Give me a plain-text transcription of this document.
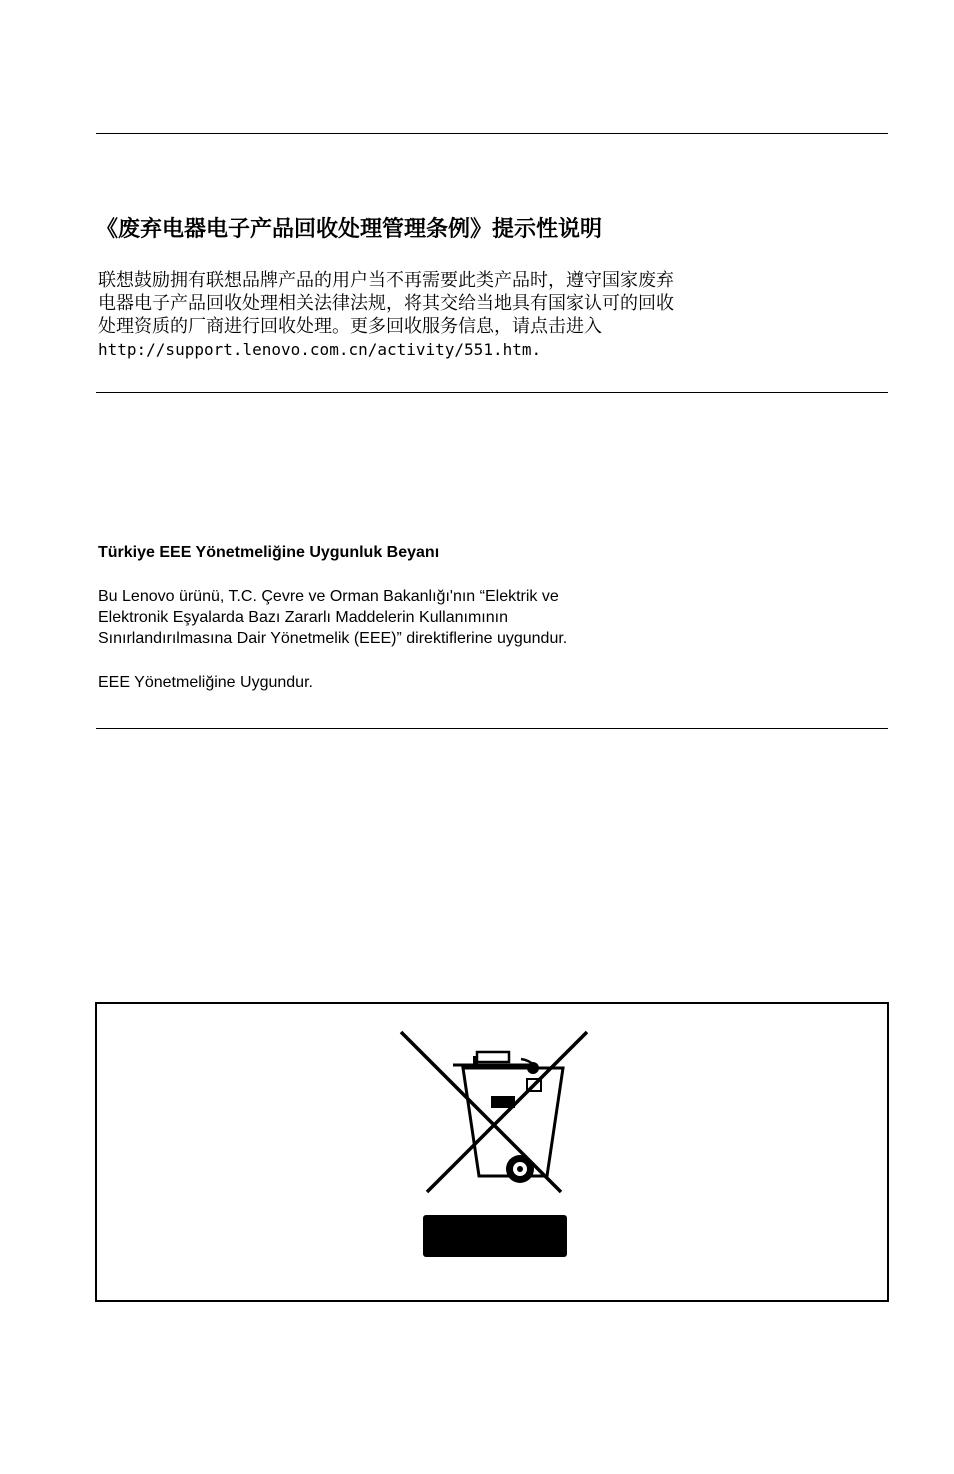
《废弃电器电子产品回收处理管理条例》提示性说明
联想鼓励拥有联想品牌产品的用户当不再需要此类产品时，遵守国家废弃
电器电子产品回收处理相关法律法规，将其交给当地具有国家认可的回收
处理资质的厂商进行回收处理。更多回收服务信息，请点击进入
http://support.lenovo.com.cn/activity/551.htm.
Türkiye EEE Yönetmeliğine Uygunluk Beyanı
Bu Lenovo ürünü, T.C. Çevre ve Orman Bakanlığı'nın “Elektrik ve
Elektronik Eşyalarda Bazı Zararlı Maddelerin Kullanımının
Sınırlandırılmasına Dair Yönetmelik (EEE)” direktiflerine uygundur.
EEE Yönetmeliğine Uygundur.
